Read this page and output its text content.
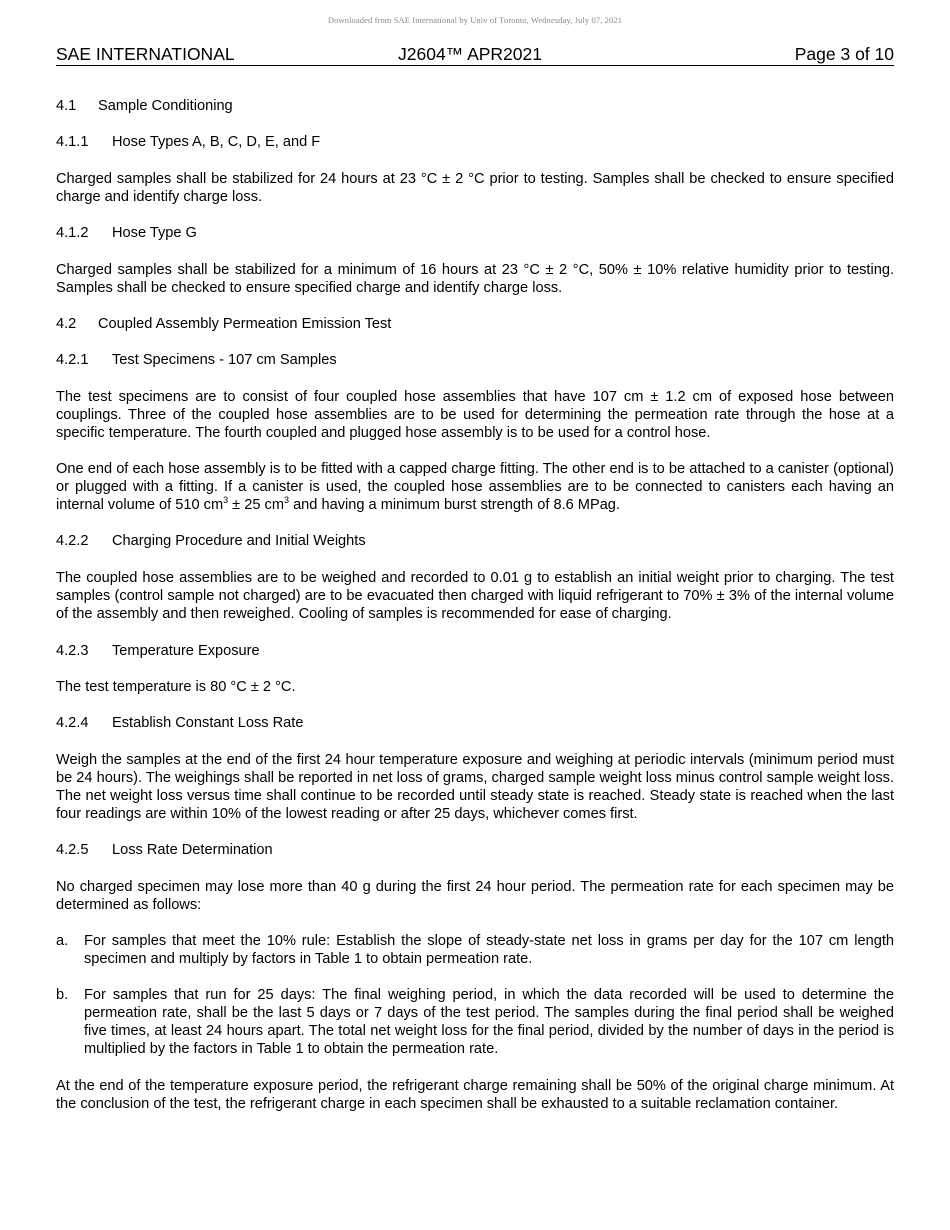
Downloaded from SAE International by Univ of Toronto, Wednesday, July 07, 2021
SAE INTERNATIONAL	J2604™ APR2021	Page 3 of 10
4.1 Sample Conditioning
4.1.1 Hose Types A, B, C, D, E, and F

Charged samples shall be stabilized for 24 hours at 23 °C ± 2 °C prior to testing. Samples shall be checked to ensure specified charge and identify charge loss.

4.1.2 Hose Type G

Charged samples shall be stabilized for a minimum of 16 hours at 23 °C ± 2 °C, 50% ± 10% relative humidity prior to testing. Samples shall be checked to ensure specified charge and identify charge loss.

4.2 Coupled Assembly Permeation Emission Test
4.2.1 Test Specimens - 107 cm Samples

The test specimens are to consist of four coupled hose assemblies that have 107 cm ± 1.2 cm of exposed hose between couplings. Three of the coupled hose assemblies are to be used for determining the permeation rate through the hose at a specific temperature. The fourth coupled and plugged hose assembly is to be used for a control hose.

One end of each hose assembly is to be fitted with a capped charge fitting. The other end is to be attached to a canister (optional) or plugged with a fitting. If a canister is used, the coupled hose assemblies are to be connected to canisters each having an internal volume of 510 $cm^3 \pm 25$ $cm^3$ and having a minimum burst strength of 8.6 MPag.

4.2.2 Charging Procedure and Initial Weights

The coupled hose assemblies are to be weighed and recorded to 0.01 g to establish an initial weight prior to charging. The test samples (control sample not charged) are to be evacuated then charged with liquid refrigerant to 70% ± 3% of the internal volume of the assembly and then reweighed. Cooling of samples is recommended for ease of charging.

4.2.3 Temperature Exposure

The test temperature is 80 °C ± 2 °C.

4.2.4 Establish Constant Loss Rate

Weigh the samples at the end of the first 24 hour temperature exposure and weighing at periodic intervals (minimum period must be 24 hours). The weighings shall be reported in net loss of grams, charged sample weight loss minus control sample weight loss. The net weight loss versus time shall continue to be recorded until steady state is reached. Steady state is reached when the last four readings are within 10% of the lowest reading or after 25 days, whichever comes first.

4.2.5 Loss Rate Determination

No charged specimen may lose more than 40 g during the first 24 hour period. The permeation rate for each specimen may be determined as follows:

a. For samples that meet the 10% rule: Establish the slope of steady-state net loss in grams per day for the 107 cm length specimen and multiply by factors in Table 1 to obtain permeation rate.
b. For samples that run for 25 days: The final weighing period, in which the data recorded will be used to determine the permeation rate, shall be the last 5 days or 7 days of the test period. The samples during the final period shall be weighed five times, at least 24 hours apart. The total net weight loss for the final period, divided by the number of days in the period is multiplied by the factors in Table 1 to obtain the permeation rate.

At the end of the temperature exposure period, the refrigerant charge remaining shall be 50% of the original charge minimum. At the conclusion of the test, the refrigerant charge in each specimen shall be exhausted to a suitable reclamation container.
